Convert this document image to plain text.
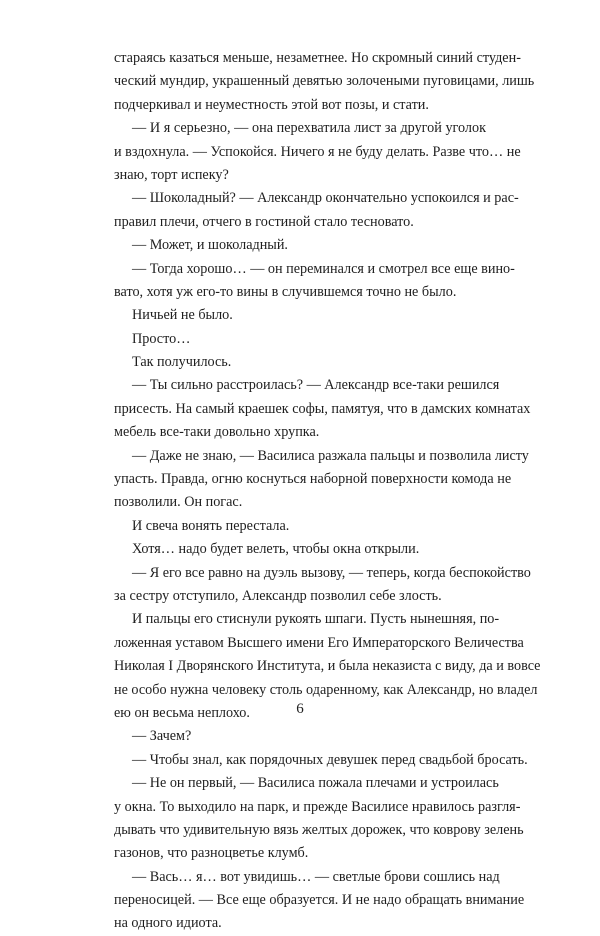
стараясь казаться меньше, незаметнее. Но скромный синий студен-
ческий мундир, украшенный девятью золочеными пуговицами, лишь
подчеркивал и неуместность этой вот позы, и стати.
— И я серьезно, — она перехватила лист за другой уголок
и вздохнула. — Успокойся. Ничего я не буду делать. Разве что… не
знаю, торт испеку?
— Шоколадный? — Александр окончательно успокоился и рас-
правил плечи, отчего в гостиной стало тесновато.
— Может, и шоколадный.
— Тогда хорошо… — он переминался и смотрел все еще вино-
вато, хотя уж его-то вины в случившемся точно не было.
Ничьей не было.
Просто…
Так получилось.
— Ты сильно расстроилась? — Александр все-таки решился
присесть. На самый краешек софы, памятуя, что в дамских комнатах
мебель все-таки довольно хрупка.
— Даже не знаю, — Василиса разжала пальцы и позволила листу
упасть. Правда, огню коснуться наборной поверхности комода не
позволили. Он погас.
И свеча вонять перестала.
Хотя… надо будет велеть, чтобы окна открыли.
— Я его все равно на дуэль вызову, — теперь, когда беспокойство
за сестру отступило, Александр позволил себе злость.
И пальцы его стиснули рукоять шпаги. Пусть нынешняя, по-
ложенная уставом Высшего имени Его Императорского Величества
Николая I Дворянского Института, и была неказиста с виду, да и вовсе
не особо нужна человеку столь одаренному, как Александр, но владел
ею он весьма неплохо.
— Зачем?
— Чтобы знал, как порядочных девушек перед свадьбой бросать.
— Не он первый, — Василиса пожала плечами и устроилась
у окна. То выходило на парк, и прежде Василисе нравилось разгля-
дывать что удивительную вязь желтых дорожек, что коврову зелень
газонов, что разноцветье клумб.
— Вась… я… вот увидишь… — светлые брови сошлись над
переносицей. — Все еще образуется. И не надо обращать внимание
на одного идиота.
6
